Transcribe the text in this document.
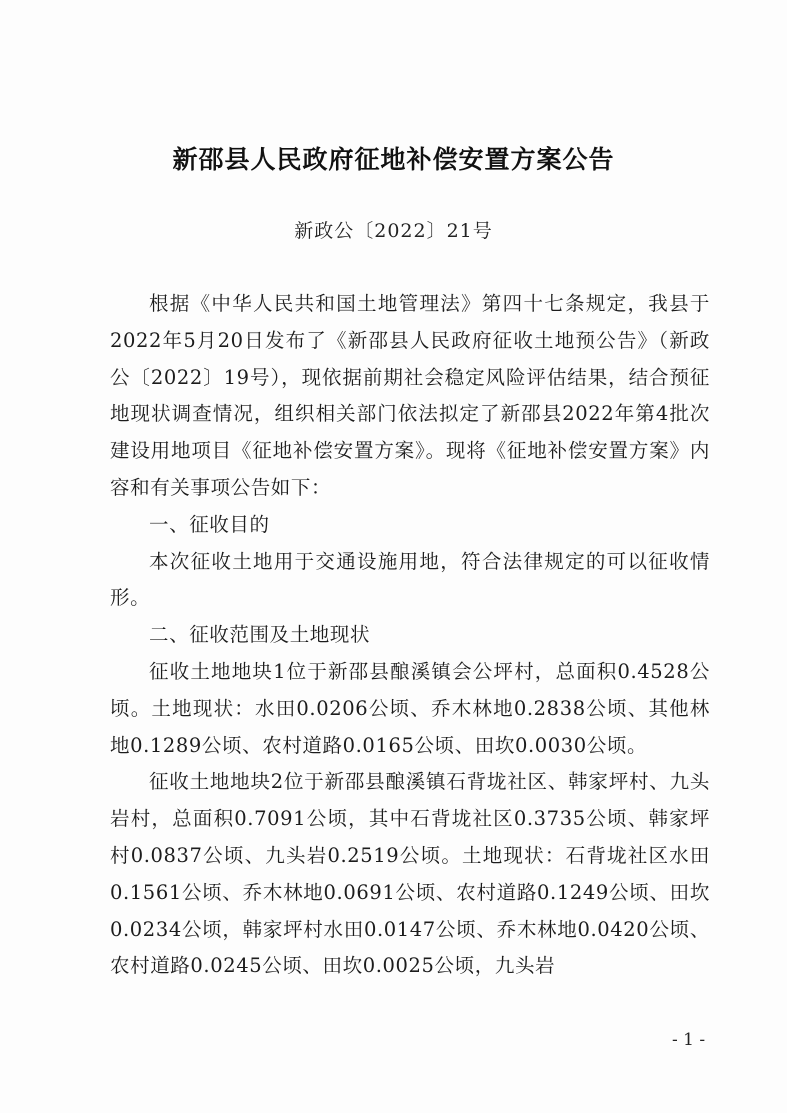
新邵县人民政府征地补偿安置方案公告
新政公〔2022〕21号

根据《中华人民共和国土地管理法》第四十七条规定，我县于2022年5月20日发布了《新邵县人民政府征收土地预公告》（新政公〔2022〕19号），现依据前期社会稳定风险评估结果，结合预征地现状调查情况，组织相关部门依法拟定了新邵县2022年第4批次建设用地项目《征地补偿安置方案》。现将《征地补偿安置方案》内容和有关事项公告如下：

一、征收目的

本次征收土地用于交通设施用地，符合法律规定的可以征收情形。

二、征收范围及土地现状

征收土地地块1位于新邵县酿溪镇会公坪村，总面积0.4528公顷。土地现状：水田0.0206公顷、乔木林地0.2838公顷、其他林地0.1289公顷、农村道路0.0165公顷、田坎0.0030公顷。

征收土地地块2位于新邵县酿溪镇石背垅社区、韩家坪村、九头岩村，总面积0.7091公顷，其中石背垅社区0.3735公顷、韩家坪村0.0837公顷、九头岩0.2519公顷。土地现状：石背垅社区水田0.1561公顷、乔木林地0.0691公顷、农村道路0.1249公顷、田坎0.0234公顷，韩家坪村水田0.0147公顷、乔木林地0.0420公顷、农村道路0.0245公顷、田坎0.0025公顷，九头岩

- 1 -
